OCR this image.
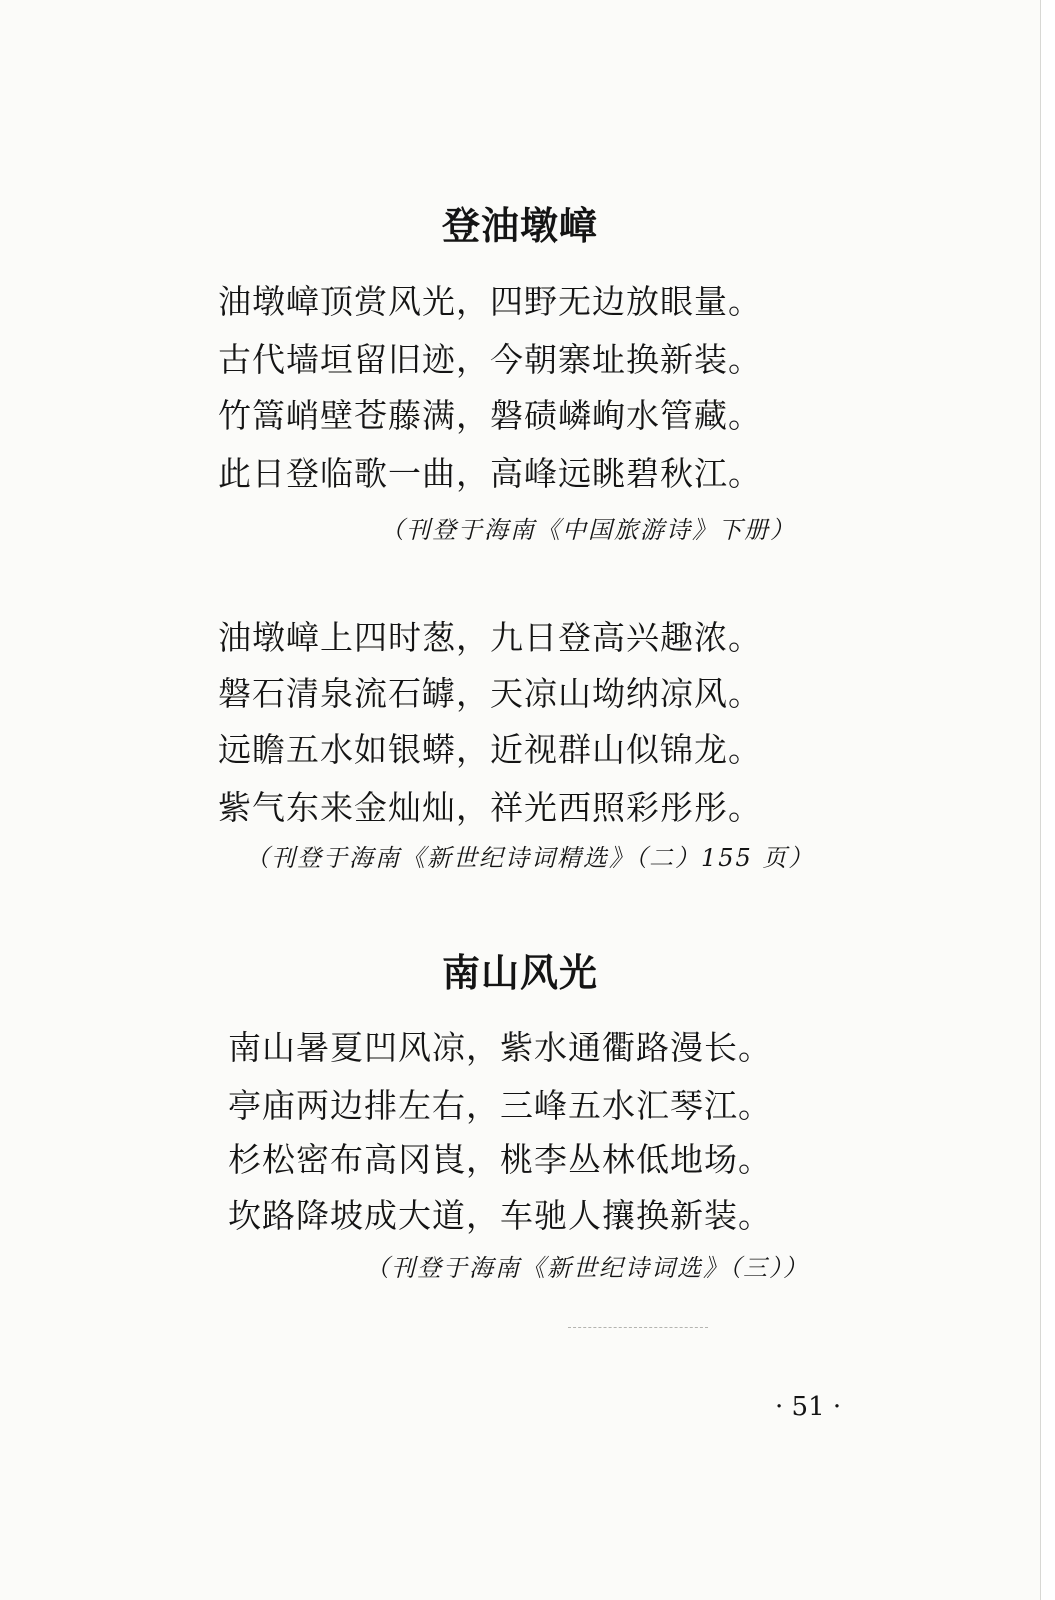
登油墩嶂
油墩嶂顶赏风光，四野无边放眼量。
古代墙垣留旧迹，今朝寨址换新装。
竹篙峭壁苍藤满，磐碛嶙峋水管藏。
此日登临歌一曲，高峰远眺碧秋江。
（刊登于海南《中国旅游诗》下册）
油墩嶂上四时葱，九日登高兴趣浓。
磐石清泉流石罅，天凉山坳纳凉风。
远瞻五水如银蟒，近视群山似锦龙。
紫气东来金灿灿，祥光西照彩彤彤。
（刊登于海南《新世纪诗词精选》（二）155 页）
南山风光
南山暑夏凹风凉，紫水通衢路漫长。
亭庙两边排左右，三峰五水汇琴江。
杉松密布高冈崀，桃李丛林低地场。
坎路降坡成大道，车驰人攘换新装。
（刊登于海南《新世纪诗词选》（三））
· 51 ·
